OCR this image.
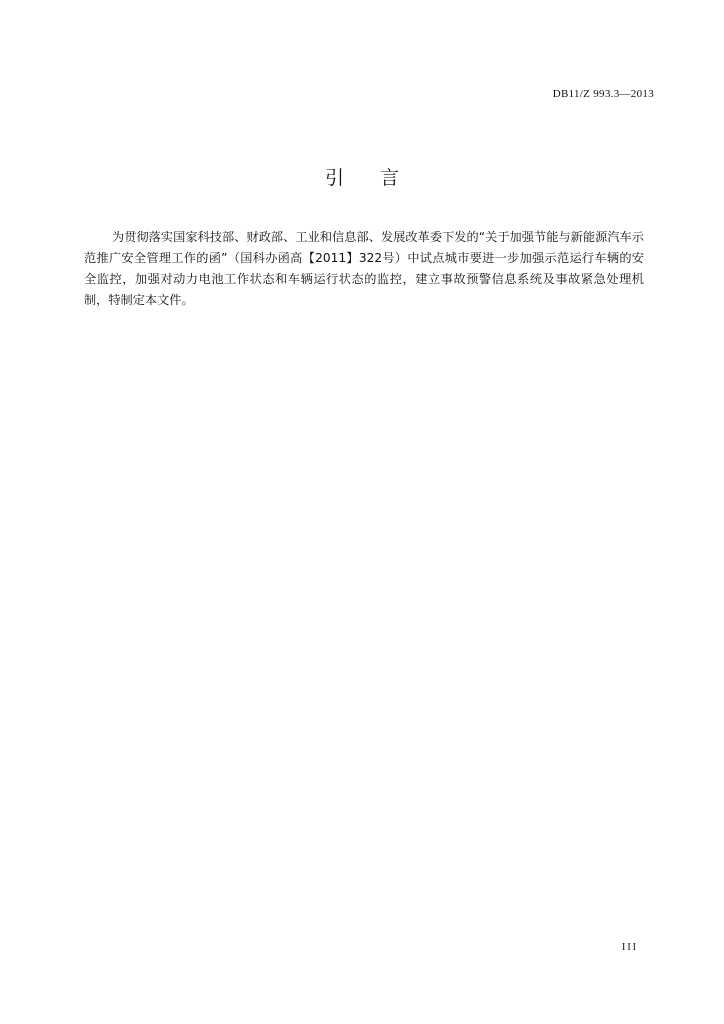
DB11/Z 993.3—2013
引言

为贯彻落实国家科技部、财政部、工业和信息部、发展改革委下发的“关于加强节能与新能源汽车示范推广安全管理工作的函”（国科办函高【2011】322号）中试点城市要进一步加强示范运行车辆的安全监控，加强对动力电池工作状态和车辆运行状态的监控，建立事故预警信息系统及事故紧急处理机制，特制定本文件。

III
